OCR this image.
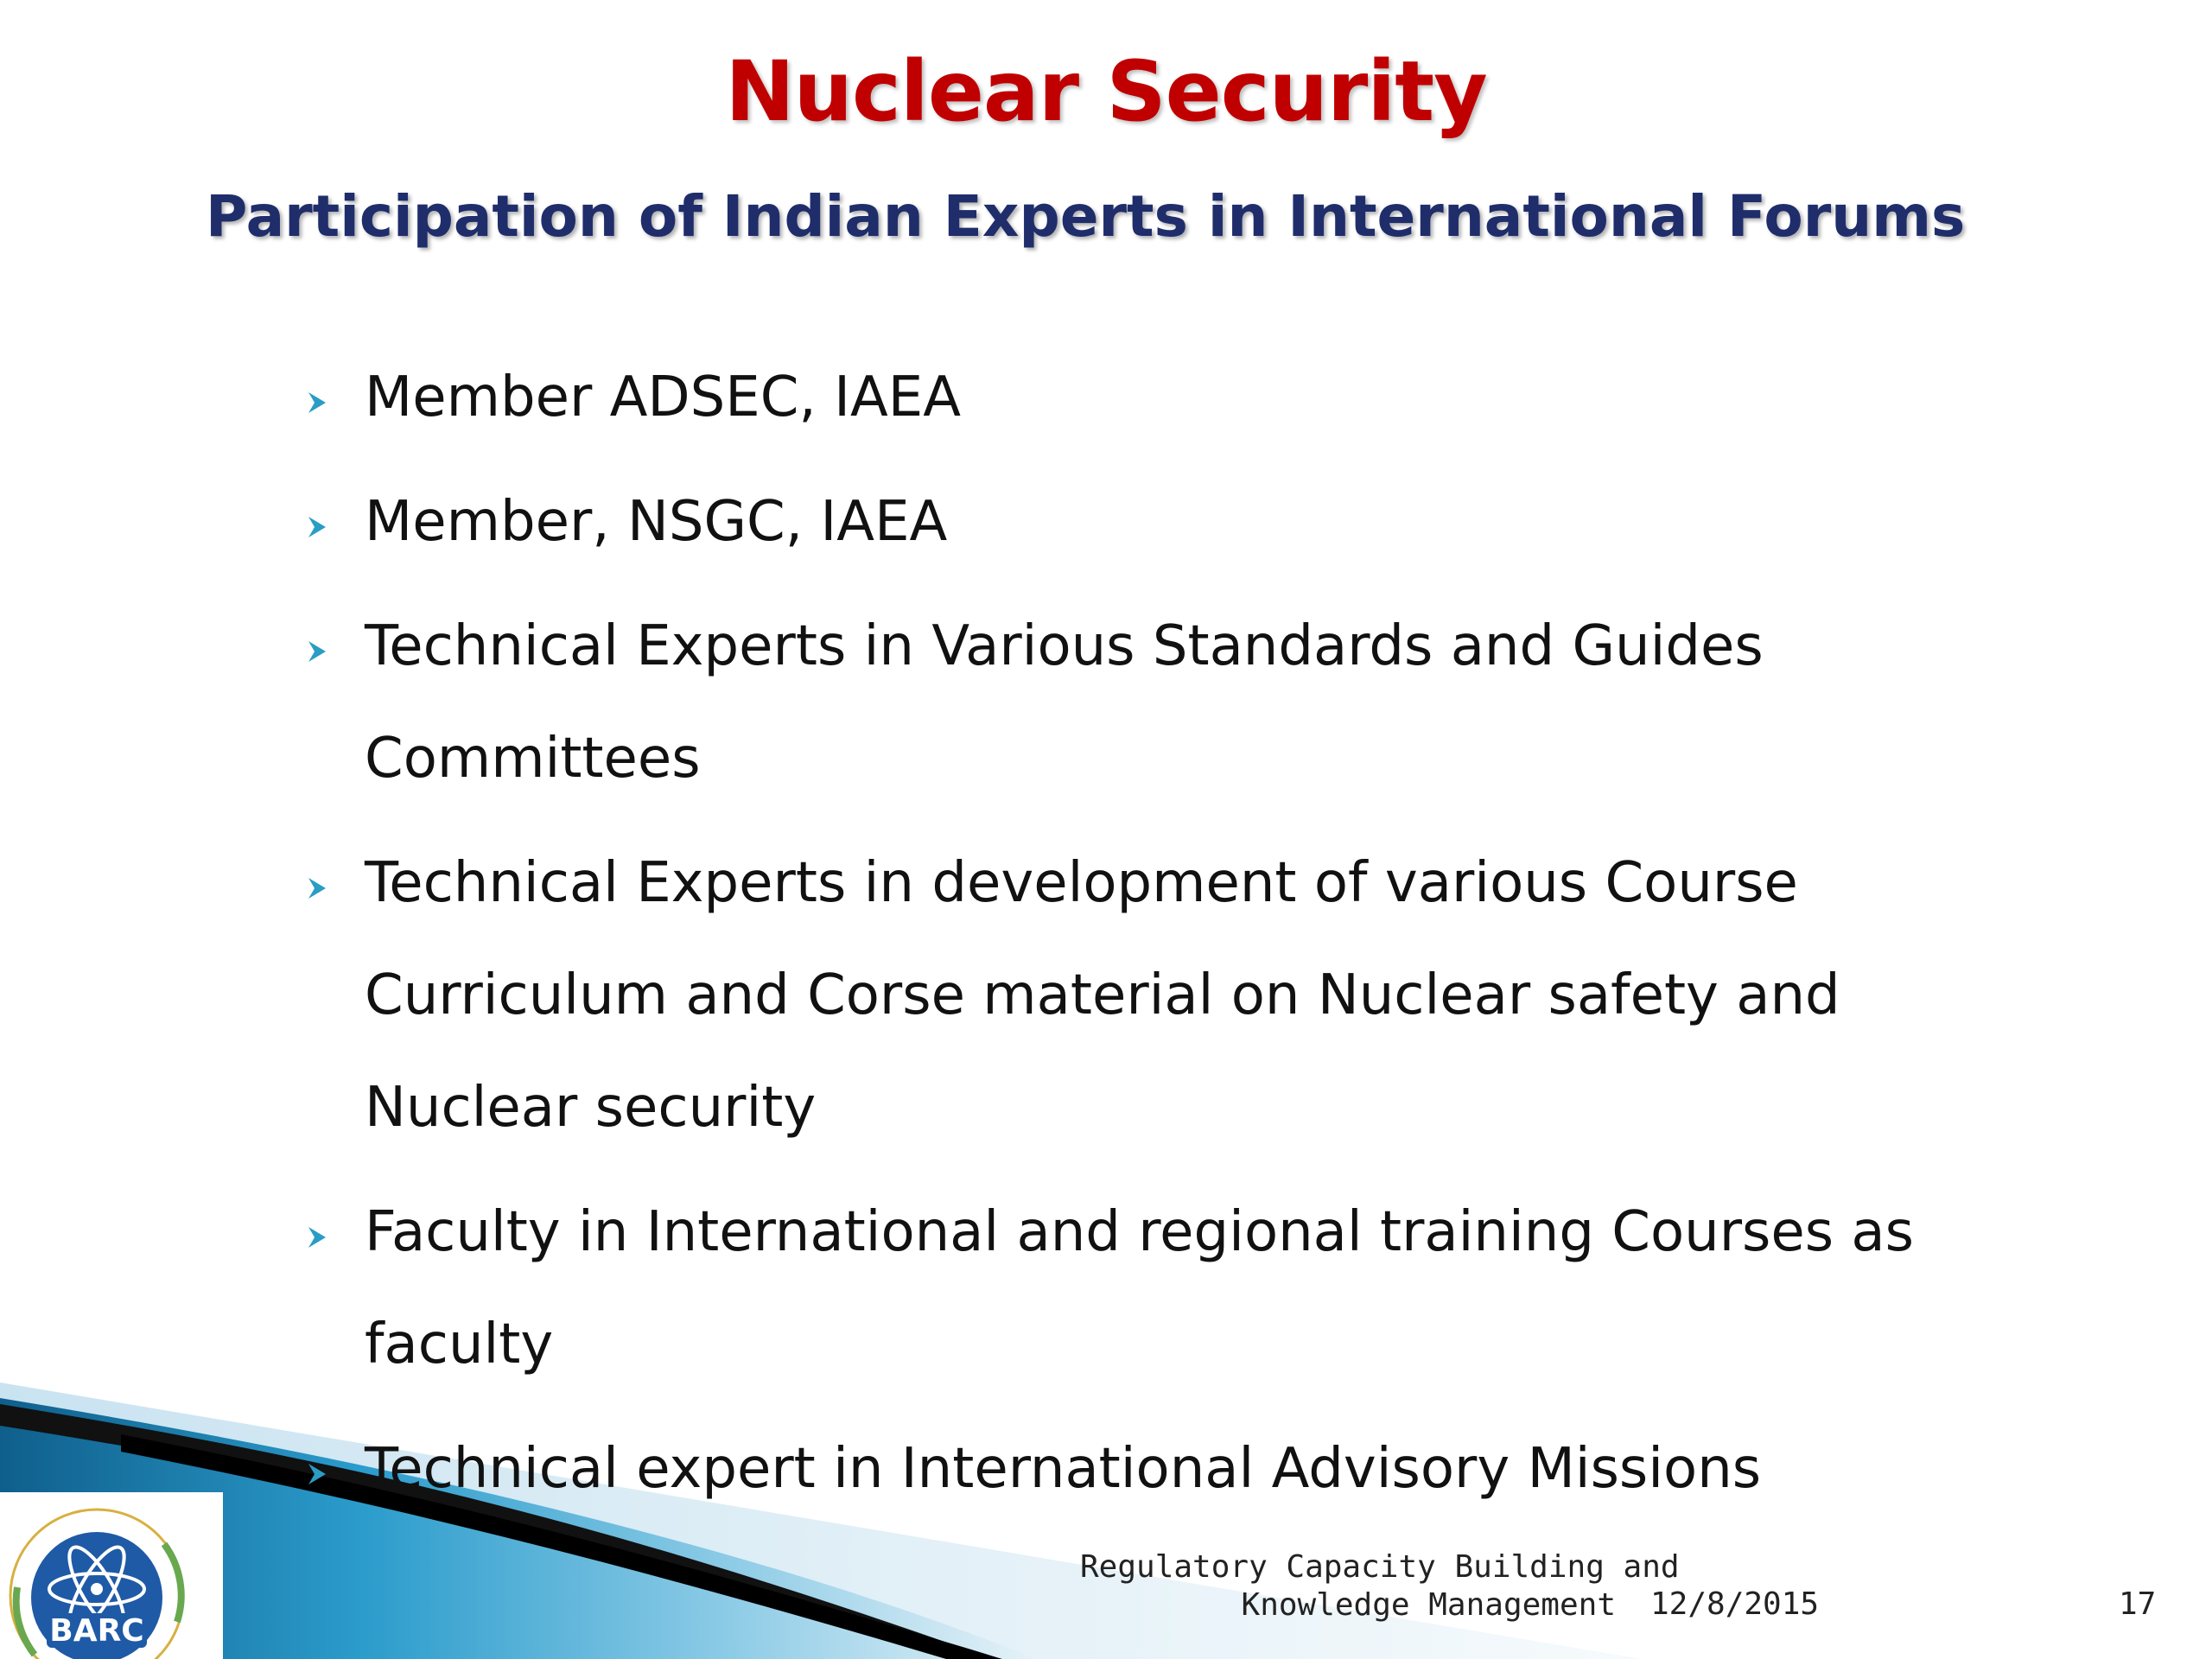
Nuclear Security
Participation of Indian Experts in International Forums
Member ADSEC, IAEA
Member, NSGC, IAEA
Technical Experts in Various Standards and Guides Committees
Technical Experts in development of various Course Curriculum and Corse material on Nuclear safety and Nuclear security
Faculty in International and regional training Courses as faculty
Technical expert in International Advisory Missions
BARC
Regulatory Capacity Building and
Knowledge Management 12/8/2015	17
